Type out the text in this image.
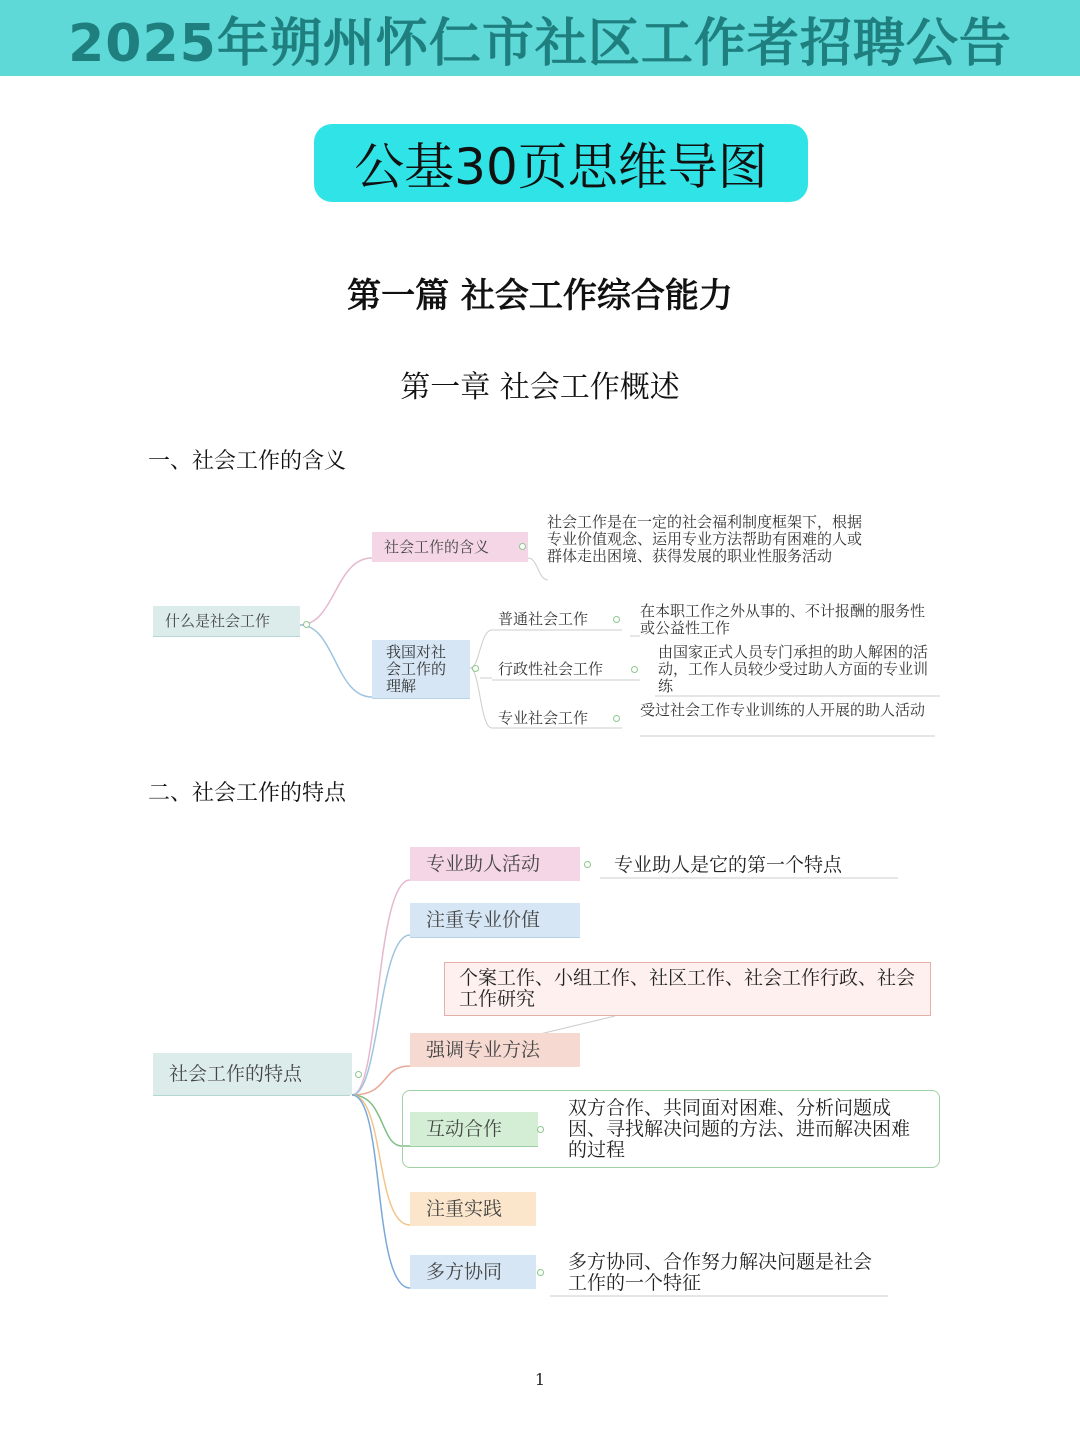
2025年朔州怀仁市社区工作者招聘公告
公基30页思维导图
第一篇 社会工作综合能力
第一章 社会工作概述
一、社会工作的含义
什么是社会工作
社会工作的含义
社会工作是在一定的社会福利制度框架下，根据专业价值观念、运用专业方法帮助有困难的人或群体走出困境、获得发展的职业性服务活动
我国对社会工作的理解
普通社会工作	在本职工作之外从事的、不计报酬的服务性或公益性工作
行政性社会工作
由国家正式人员专门承担的助人解困的活动，工作人员较少受过助人方面的专业训练
专业社会工作	受过社会工作专业训练的人开展的助人活动
二、社会工作的特点
社会工作的特点
专业助人活动	专业助人是它的第一个特点
注重专业价值
个案工作、小组工作、社区工作、社会工作行政、社会工作研究
强调专业方法
互动合作
双方合作、共同面对困难、分析问题成因、寻找解决问题的方法、进而解决困难的过程
注重实践
多方协同	多方协同、合作努力解决问题是社会工作的一个特征
1
